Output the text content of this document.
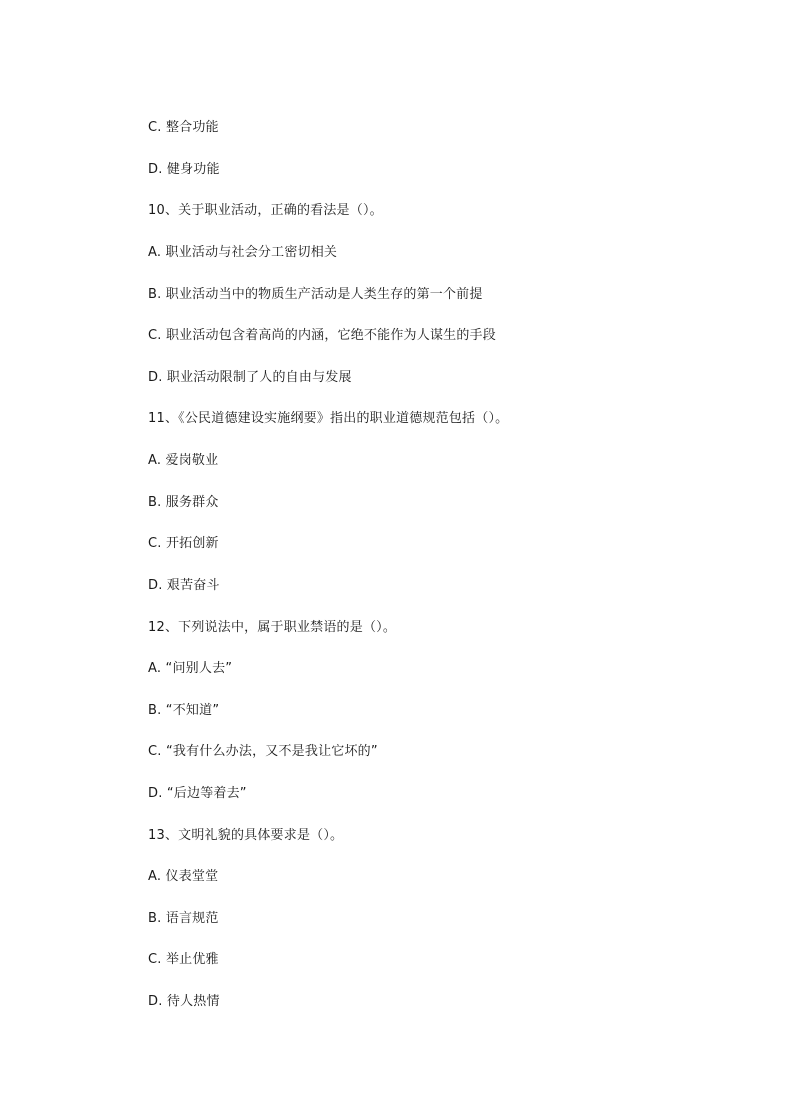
C. 整合功能
D. 健身功能
10、关于职业活动，正确的看法是（）。
A. 职业活动与社会分工密切相关
B. 职业活动当中的物质生产活动是人类生存的第一个前提
C. 职业活动包含着高尚的内涵，它绝不能作为人谋生的手段
D. 职业活动限制了人的自由与发展
11、《公民道德建设实施纲要》指出的职业道德规范包括（）。
A. 爱岗敬业
B. 服务群众
C. 开拓创新
D. 艰苦奋斗
12、下列说法中，属于职业禁语的是（）。
A. “问别人去”
B. “不知道”
C. “我有什么办法，又不是我让它坏的”
D. “后边等着去”
13、文明礼貌的具体要求是（）。
A. 仪表堂堂
B. 语言规范
C. 举止优雅
D. 待人热情
